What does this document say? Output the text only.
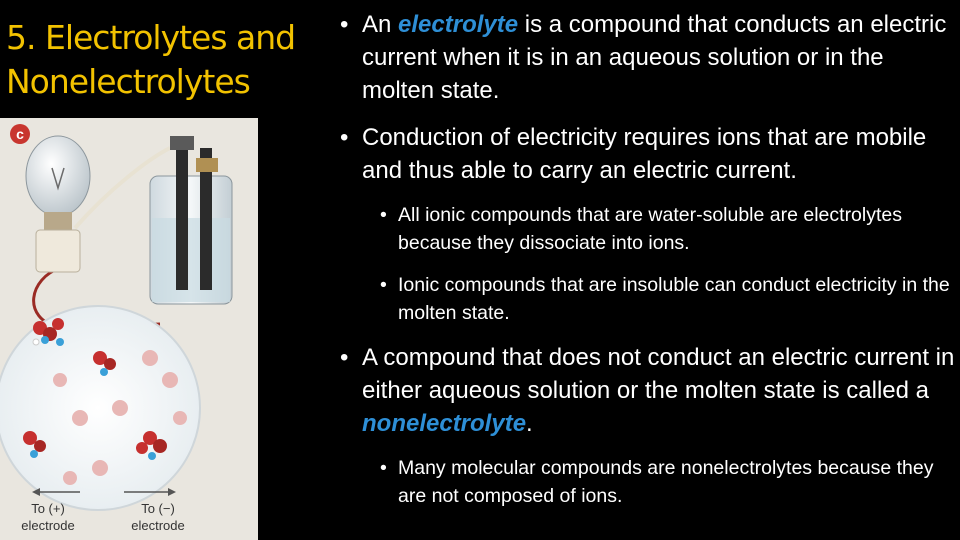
5. Electrolytes and
Nonelectrolytes
c
To (+)
electrode
To (−)
electrode
• An electrolyte is a compound that conducts an electric current when it is in an aqueous solution or in the molten state.
• Conduction of electricity requires ions that are mobile and thus able to carry an electric current.
• All ionic compounds that are water-soluble are electrolytes because they dissociate into ions.
• Ionic compounds that are insoluble can conduct electricity in the molten state.
• A compound that does not conduct an electric current in either aqueous solution or the molten state is called a nonelectrolyte.
• Many molecular compounds are nonelectrolytes because they are not composed of ions.
